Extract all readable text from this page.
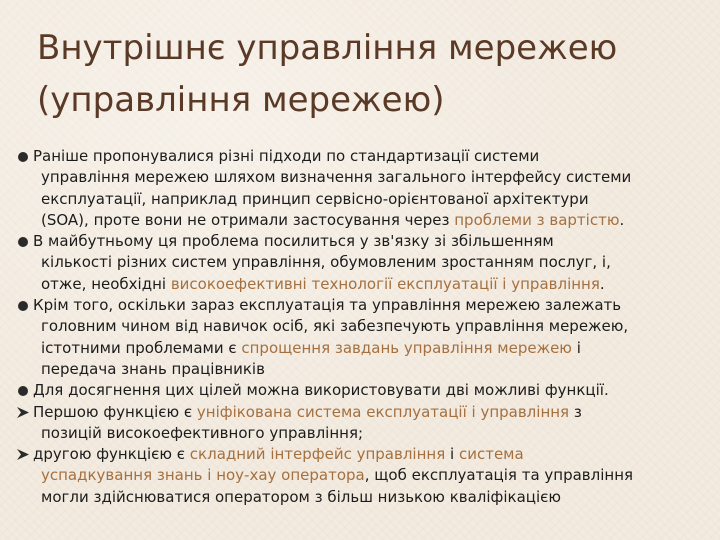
Внутрішнє управління мережею
(управління мережею)
Раніше пропонувалися різні підходи по стандартизації системи
управління мережею шляхом визначення загального інтерфейсу системи
експлуатації, наприклад принцип сервісно-орієнтованої архітектури
(SOA), проте вони не отримали застосування через проблеми з вартістю.
В майбутньому ця проблема посилиться у зв'язку зі збільшенням
кількості різних систем управління, обумовленим зростанням послуг, і,
отже, необхідні високоефективні технології експлуатації і управління.
Крім того, оскільки зараз експлуатація та управління мережею залежать
головним чином від навичок осіб, які забезпечують управління мережею,
істотними проблемами є спрощення завдань управління мережею і
передача знань працівників
Для досягнення цих цілей можна використовувати дві можливі функції.
Першою функцією є уніфікована система експлуатації і управління з
позицій високоефективного управління;
другою функцією є складний інтерфейс управління і система
успадкування знань і ноу-хау оператора, щоб експлуатація та управління
могли здійснюватися оператором з більш низькою кваліфікацією
